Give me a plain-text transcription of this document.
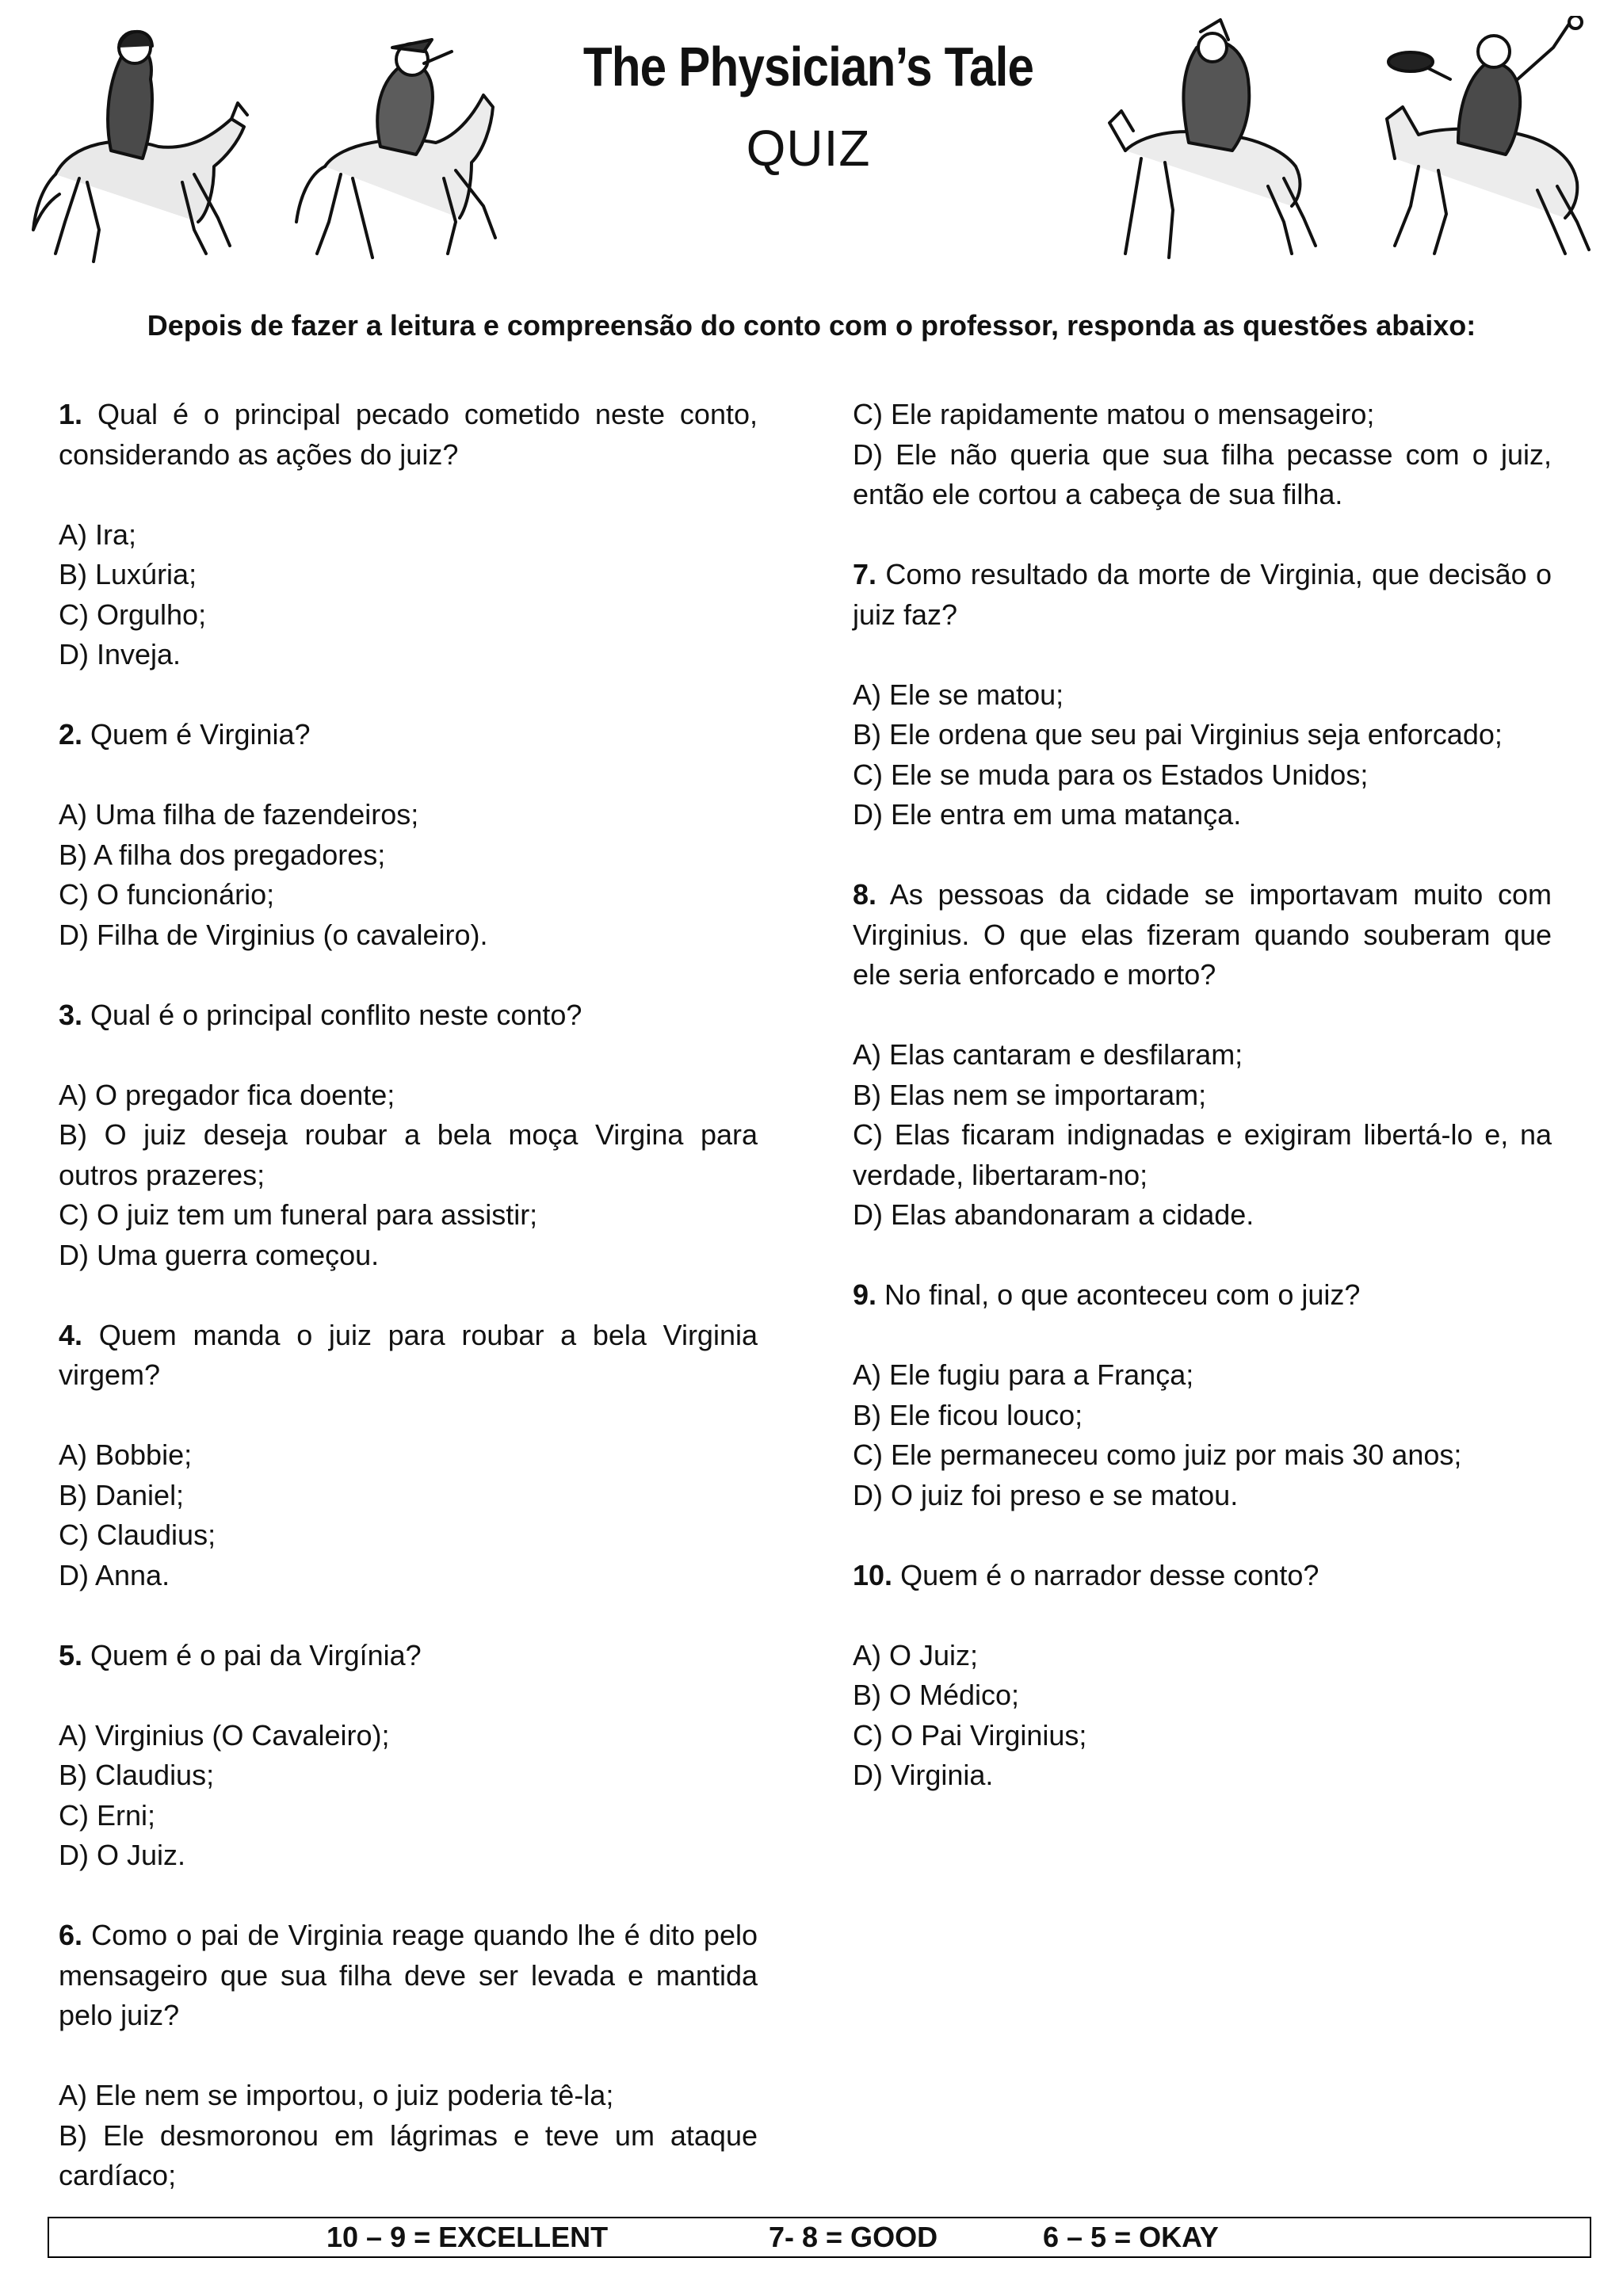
The Physician’s Tale
QUIZ
Depois de fazer a leitura e compreensão do conto com o professor, responda as questões abaixo:
1. Qual é o principal pecado cometido neste conto, considerando as ações do juiz?
A) Ira;
B) Luxúria;
C) Orgulho;
D) Inveja.
2. Quem é Virginia?
A) Uma filha de fazendeiros;
B) A filha dos pregadores;
C) O funcionário;
D) Filha de Virginius (o cavaleiro).
3. Qual é o principal conflito neste conto?
A) O pregador fica doente;
B) O juiz deseja roubar a bela moça Virgina para outros prazeres;
C) O juiz tem um funeral para assistir;
D) Uma guerra começou.
4. Quem manda o juiz para roubar a bela Virginia virgem?
A) Bobbie;
B) Daniel;
C) Claudius;
D) Anna.
5. Quem é o pai da Virgínia?
A) Virginius (O Cavaleiro);
B) Claudius;
C) Erni;
D) O Juiz.
6. Como o pai de Virginia reage quando lhe é dito pelo mensageiro que sua filha deve ser levada e mantida pelo juiz?
A) Ele nem se importou, o juiz poderia tê-la;
B) Ele desmoronou em lágrimas e teve um ataque cardíaco;
C) Ele rapidamente matou o mensageiro;
D) Ele não queria que sua filha pecasse com o juiz, então ele cortou a cabeça de sua filha.
7. Como resultado da morte de Virginia, que decisão o juiz faz?
A) Ele se matou;
B) Ele ordena que seu pai Virginius seja enforcado;
C) Ele se muda para os Estados Unidos;
D) Ele entra em uma matança.
8. As pessoas da cidade se importavam muito com Virginius. O que elas fizeram quando souberam que ele seria enforcado e morto?
A) Elas cantaram e desfilaram;
B) Elas nem se importaram;
C) Elas ficaram indignadas e exigiram libertá-lo e, na verdade, libertaram-no;
D) Elas abandonaram a cidade.
9. No final, o que aconteceu com o juiz?
A) Ele fugiu para a França;
B) Ele ficou louco;
C) Ele permaneceu como juiz por mais 30 anos;
D) O juiz foi preso e se matou.
10. Quem é o narrador desse conto?
A) O Juiz;
B) O Médico;
C) O Pai Virginius;
D) Virginia.
10 – 9 = EXCELLENT	7- 8 = GOOD	6 – 5 = OKAY
